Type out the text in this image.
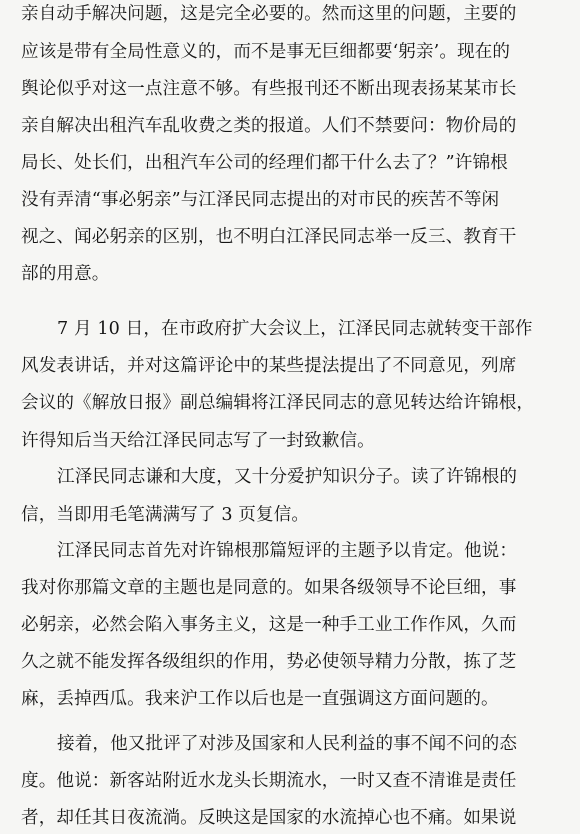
亲自动手解决问题，这是完全必要的。然而这里的问题，主要的
应该是带有全局性意义的，而不是事无巨细都要‘躬亲’。现在的
舆论似乎对这一点注意不够。有些报刊还不断出现表扬某某市长
亲自解决出租汽车乱收费之类的报道。人们不禁要问：物价局的
局长、处长们，出租汽车公司的经理们都干什么去了？”许锦根
没有弄清“事必躬亲”与江泽民同志提出的对市民的疾苦不等闲
视之、闻必躬亲的区别，也不明白江泽民同志举一反三、教育干
部的用意。
7 月 10 日，在市政府扩大会议上，江泽民同志就转变干部作
风发表讲话，并对这篇评论中的某些提法提出了不同意见，列席
会议的《解放日报》副总编辑将江泽民同志的意见转达给许锦根，
许得知后当天给江泽民同志写了一封致歉信。
江泽民同志谦和大度，又十分爱护知识分子。读了许锦根的
信，当即用毛笔满满写了 3 页复信。
江泽民同志首先对许锦根那篇短评的主题予以肯定。他说：
我对你那篇文章的主题也是同意的。如果各级领导不论巨细，事
必躬亲，必然会陷入事务主义，这是一种手工业工作作风，久而
久之就不能发挥各级组织的作用，势必使领导精力分散，拣了芝
麻，丢掉西瓜。我来沪工作以后也是一直强调这方面问题的。
接着，他又批评了对涉及国家和人民利益的事不闻不问的态
度。他说：新客站附近水龙头长期流水，一时又查不清谁是责任
者，却任其日夜流淌。反映这是国家的水流掉心也不痛。如果说
